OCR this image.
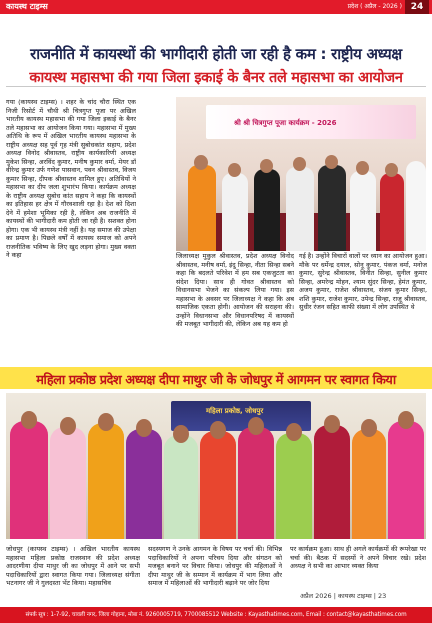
कायस्थ टाइम्स	प्रदेश ( अप्रैल - 2026 ) 24
राजनीति में कायस्थों की भागीदारी होती जा रही है कम : राष्ट्रीय अध्यक्ष
कायस्थ महासभा की गया जिला इकाई के बैनर तले महासभा का आयोजन
गया (कायस्थ टाइम्स) । शहर के चांद चौरा स्थित एक निजी रिसोर्ट में चौथी श्री चित्रगुप्त पूजा पर अखिल भारतीय कायस्थ महासभा की गया जिला इकाई के बैनर तले महासभा का आयोजन किया गया। महासभा में मुख्य अतिथि के रूप में अखिल भारतीय कायस्थ महासभा के राष्ट्रीय अध्यक्ष सह पूर्व गृह मंत्री सुबोधकांत सहाय, प्रदेश अध्यक्ष विनोद श्रीवास्तव, राष्ट्रीय कार्यकारिणी अध्यक्ष मुकेश सिन्हा, अरविंद कुमार, मनीष कुमार वर्मा, मेयर डॉ वीरेन्द्र कुमार उर्फ गणेश पासवान, पवन श्रीवास्तव, विजय कुमार सिन्हा, दीपक श्रीवास्तव शामिल हुए। अतिथियों ने महासभा का दीप जला शुभारंभ किया। कार्यक्रम अध्यक्ष के राष्ट्रीय अध्यक्ष सुबोध कांत सहाय ने कहा कि कायस्थों का इतिहास हर क्षेत्र में गौरवशाली रहा है। देश को दिशा देने में हमेशा भूमिका रही है, लेकिन अब राजनीति में कायस्थों की भागीदारी कम होती जा रही है। सशक्त होना होगा। एक भी कायस्थ मंत्री नहीं है। यह समाज की उपेक्षा का प्रमाण है। पिछले वर्षों में कायस्थ समाज को अपने राजनीतिक भविष्य के लिए खुद लड़ना होगा। मुख्य वक्ता ने कहा
श्री श्री चित्रगुप्त पूजा कार्यक्रम - 2026
जिलाध्यक्ष मुकुल श्रीवास्तव, प्रदेश अध्यक्ष विनोद श्रीवास्तव, मनीष वर्मा, इंदु सिन्हा, नीता सिन्हा सबने कहा कि बदलते परिवेश में हम सब एकजुटता का संदेश दिया। साथ ही गोवत श्रीवास्तव को विधानसभा भेजने का संकल्प लिया गया। इस महासभा के अवसर पर जिलाध्यक्ष ने कहा कि अब सामाजिक एकता होगी। आयोजन की सराहना की। उन्होंने विधानसभा और विधानपरिषद में कायस्थों की मजबूत भागीदारी की, लेकिन अब यह कम हो
गई है। उन्होंने विचारों वालों पर ध्यान का आयोजन हुआ। मौके पर धर्मेन्द्र दयाल, सोनू कुमार, पंकज वर्मा, मनोज कुमार, सुरेन्द्र श्रीवास्तव, विनीत सिन्हा, सुनील कुमार सिन्हा, अमरेन्द्र मोहन, श्याम सुंदर सिन्हा, हेमंत कुमार, अजय कुमार, राजेश श्रीवास्तव, संजय कुमार सिन्हा, शशि कुमार, राजेश कुमार, उपेन्द्र सिन्हा, राजू श्रीवास्तव, सुधीर रंजन सहित काफी संख्या में लोग उपस्थित थे
महिला प्रकोष्ठ प्रदेश अध्यक्ष दीपा माथुर जी के जोधपुर में आगमन पर स्वागत किया
महिला प्रकोष्ठ, जोधपुर
जोधपुर (कायस्थ टाइम्स) । अखिल भारतीय कायस्थ महासभा महिला प्रकोष्ठ राजस्थान की प्रदेश अध्यक्ष आदरणीया दीपा माथुर जी का जोधपुर में आने पर सभी पदाधिकारियों द्वारा स्वागत किया गया। जिलाध्यक्ष संगीता भटनागर जी ने गुलदस्ता भेंट किया। महासचिव
सदस्यगण ने उनके आगमन के विषय पर चर्चा की। विभिन्न पदाधिकारियों ने अपना परिचय दिया और संगठन को मजबूत बनाने पर विचार किया। जोधपुर की महिलाओं ने दीपा माथुर जी के सम्मान में कार्यक्रम में भाग लिया और समाज में महिलाओं की भागीदारी बढ़ाने पर जोर दिया
पर कार्यक्रम हुआ। साथ ही अगले कार्यक्रमों की रूपरेखा पर चर्चा की। बैठक में सदस्यों ने अपने विचार रखे। प्रदेश अध्यक्ष ने सभी का आभार व्यक्त किया
अप्रैल 2026 | कायस्थ टाइम्स | 23
संपर्क सूत्र : 1-7-92, चावली नगर, जिला गोहाना, मोबा नं. 9260005719, 7700085512 Website : Kayasthatimes.com, Email : contact@kayasthatimes.com
